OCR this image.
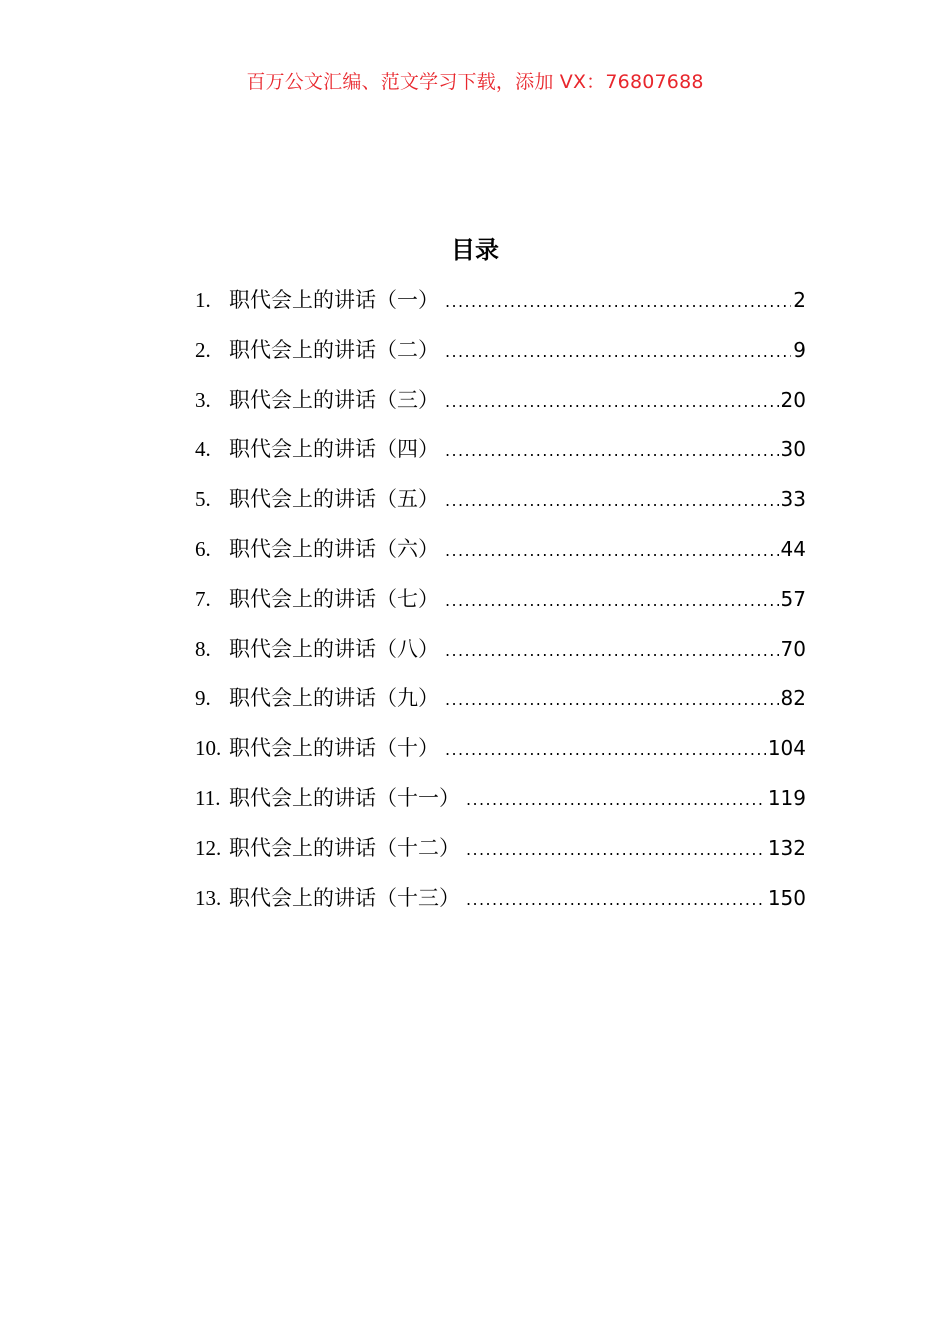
百万公文汇编、范文学习下载，添加 VX：76807688
目录
1. 职代会上的讲话（一） .....	2
2. 职代会上的讲话（二） .....	9
3. 职代会上的讲话（三） .....	20
4. 职代会上的讲话（四） .....	30
5. 职代会上的讲话（五） .....	33
6. 职代会上的讲话（六） .....	44
7. 职代会上的讲话（七） .....	57
8. 职代会上的讲话（八） .....	70
9. 职代会上的讲话（九） .....	82
10. 职代会上的讲话（十） .....	104
11. 职代会上的讲话（十一） .....	119
12. 职代会上的讲话（十二） .....	132
13. 职代会上的讲话（十三） .....	150
